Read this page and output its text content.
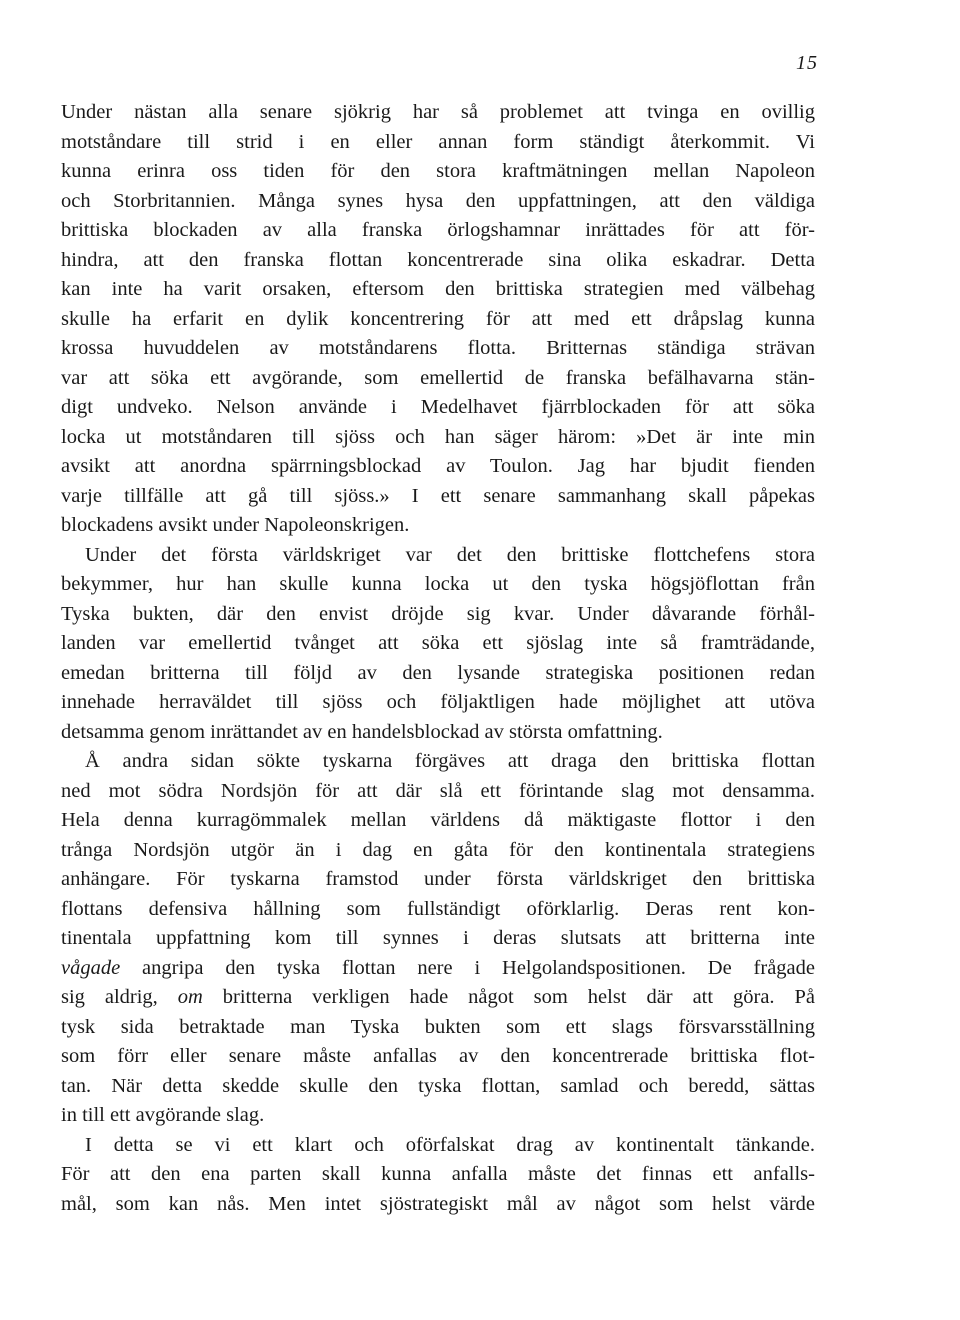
15
Under nästan alla senare sjökrig har så problemet att tvinga en ovillig
motståndare till strid i en eller annan form ständigt återkommit. Vi
kunna erinra oss tiden för den stora kraftmätningen mellan Napoleon
och Storbritannien. Många synes hysa den uppfattningen, att den väldiga
brittiska blockaden av alla franska örlogshamnar inrättades för att för-
hindra, att den franska flottan koncentrerade sina olika eskadrar. Detta
kan inte ha varit orsaken, eftersom den brittiska strategien med välbehag
skulle ha erfarit en dylik koncentrering för att med ett dråpslag kunna
krossa huvuddelen av motståndarens flotta. Britternas ständiga strävan
var att söka ett avgörande, som emellertid de franska befälhavarna stän-
digt undveko. Nelson använde i Medelhavet fjärrblockaden för att söka
locka ut motståndaren till sjöss och han säger härom: »Det är inte min
avsikt att anordna spärrningsblockad av Toulon. Jag har bjudit fienden
varje tillfälle att gå till sjöss.» I ett senare sammanhang skall påpekas
blockadens avsikt under Napoleonskrigen.
Under det första världskriget var det den brittiske flottchefens stora
bekymmer, hur han skulle kunna locka ut den tyska högsjöflottan från
Tyska bukten, där den envist dröjde sig kvar. Under dåvarande förhål-
landen var emellertid tvånget att söka ett sjöslag inte så framträdande,
emedan britterna till följd av den lysande strategiska positionen redan
innehade herraväldet till sjöss och följaktligen hade möjlighet att utöva
detsamma genom inrättandet av en handelsblockad av största omfattning.
Å andra sidan sökte tyskarna förgäves att draga den brittiska flottan
ned mot södra Nordsjön för att där slå ett förintande slag mot densamma.
Hela denna kurragömmalek mellan världens då mäktigaste flottor i den
trånga Nordsjön utgör än i dag en gåta för den kontinentala strategiens
anhängare. För tyskarna framstod under första världskriget den brittiska
flottans defensiva hållning som fullständigt oförklarlig. Deras rent kon-
tinentala uppfattning kom till synnes i deras slutsats att britterna inte
vågade angripa den tyska flottan nere i Helgolandspositionen. De frågade
sig aldrig, om britterna verkligen hade något som helst där att göra. På
tysk sida betraktade man Tyska bukten som ett slags försvarsställning
som förr eller senare måste anfallas av den koncentrerade brittiska flot-
tan. När detta skedde skulle den tyska flottan, samlad och beredd, sättas
in till ett avgörande slag.
I detta se vi ett klart och oförfalskat drag av kontinentalt tänkande.
För att den ena parten skall kunna anfalla måste det finnas ett anfalls-
mål, som kan nås. Men intet sjöstrategiskt mål av något som helst värde
